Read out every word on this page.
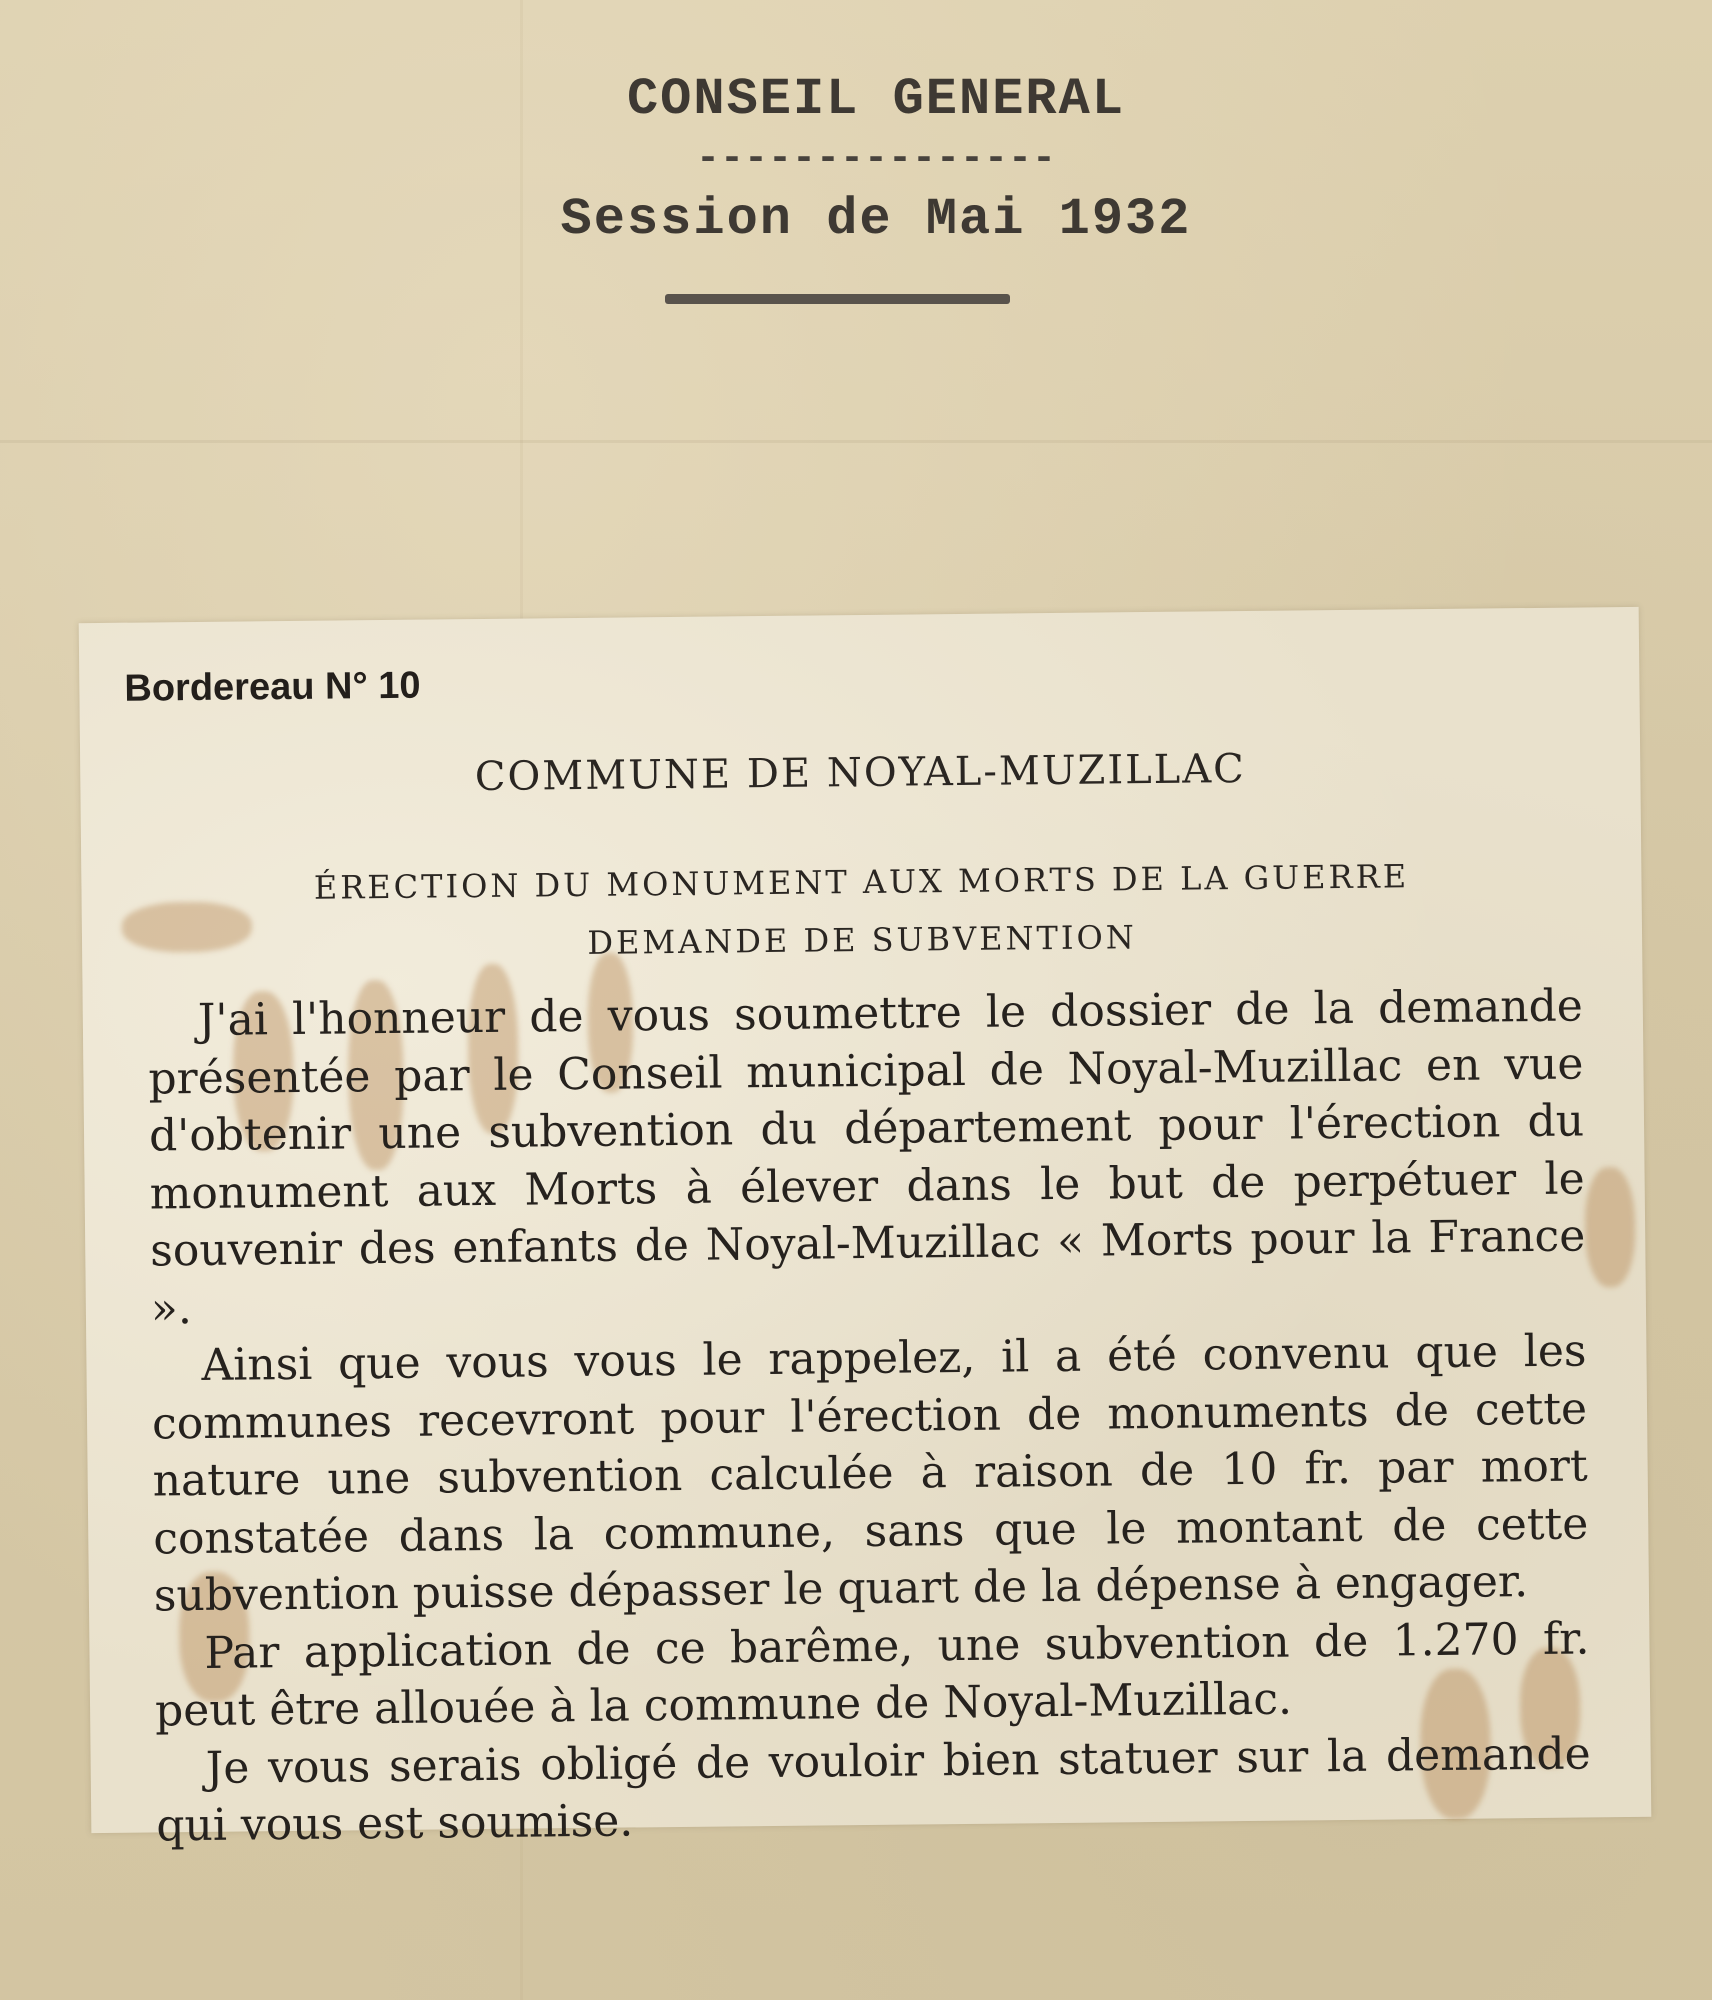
CONSEIL GENERAL
---------------
Session de Mai 1932
Bordereau N° 10
COMMUNE DE NOYAL-MUZILLAC
ÉRECTION DU MONUMENT AUX MORTS DE LA GUERRE
DEMANDE DE SUBVENTION

J'ai l'honneur de vous soumettre le dossier de la demande présentée par le Conseil municipal de Noyal-Muzillac en vue d'obtenir une subvention du département pour l'érection du monument aux Morts à élever dans le but de perpétuer le souvenir des enfants de Noyal-Muzillac « Morts pour la France ».

Ainsi que vous vous le rappelez, il a été convenu que les communes recevront pour l'érection de monuments de cette nature une subvention calculée à raison de 10 fr. par mort constatée dans la commune, sans que le montant de cette subvention puisse dépasser le quart de la dépense à engager.

Par application de ce barême, une subvention de 1.270 fr. peut être allouée à la commune de Noyal-Muzillac.

Je vous serais obligé de vouloir bien statuer sur la demande qui vous est soumise.
